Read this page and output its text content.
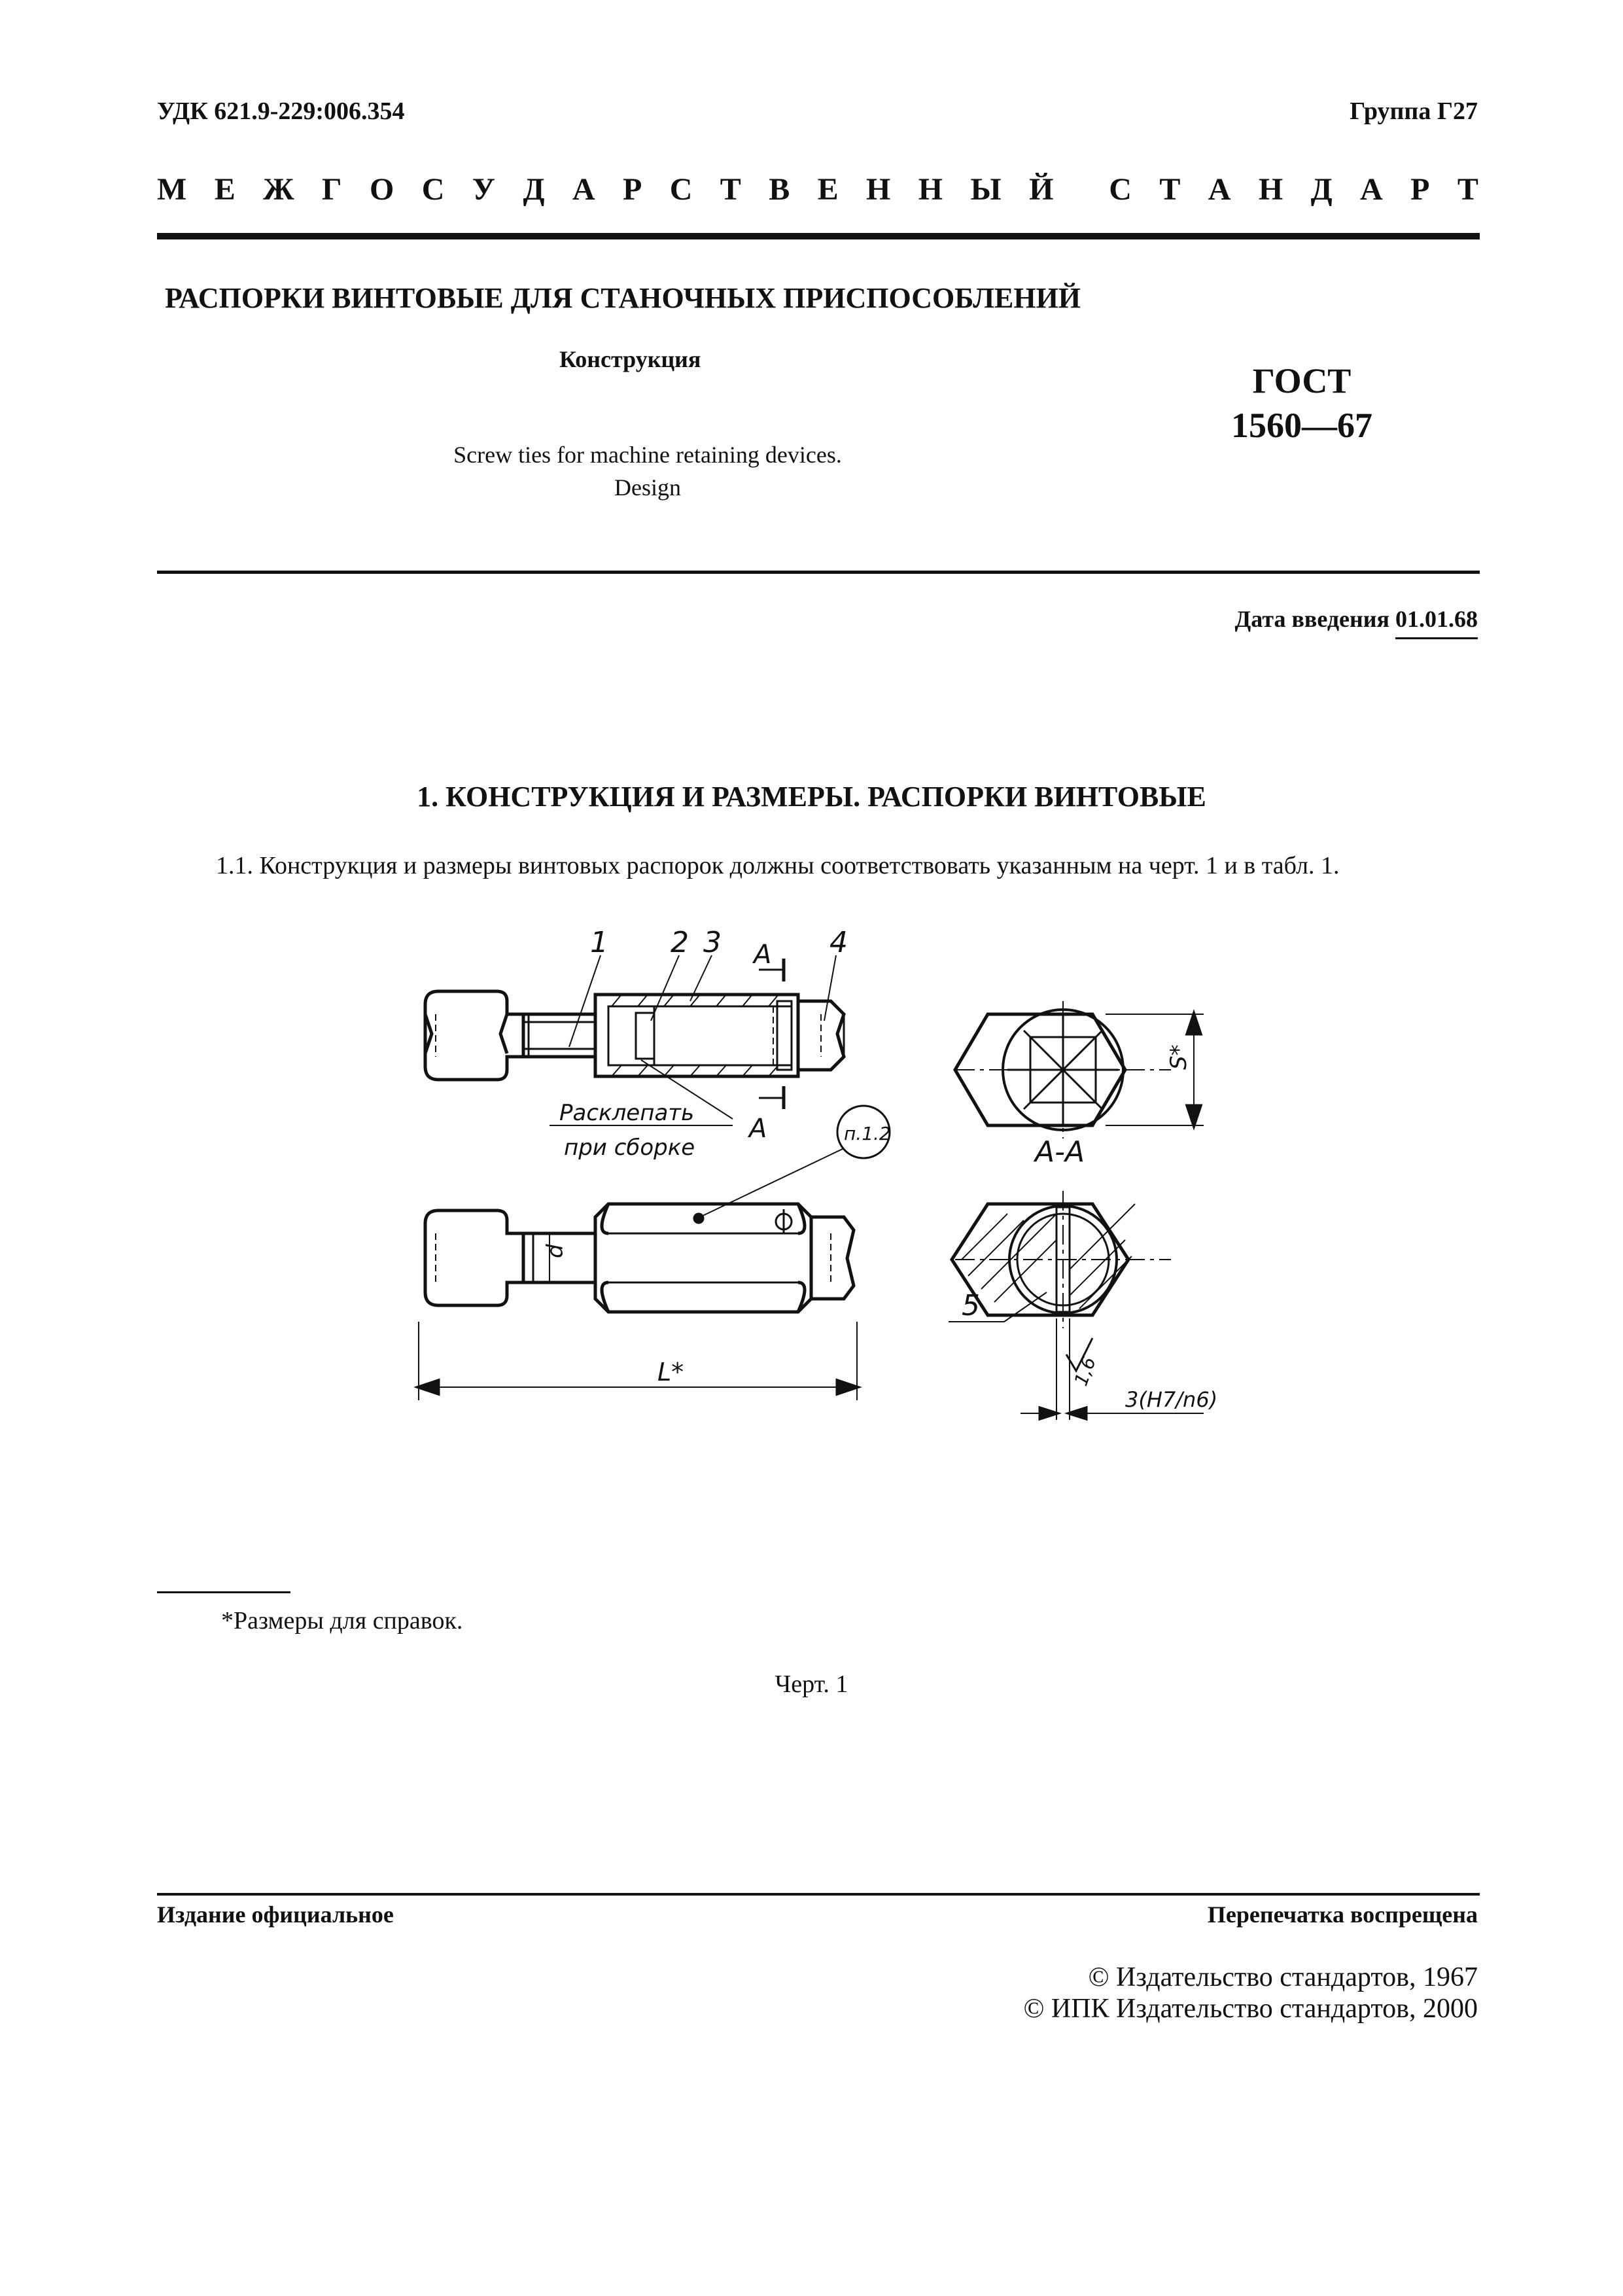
УДК 621.9-229:006.354	Группа Г27
М Е Ж Г О С У Д А Р С Т В Е Н Н Ы Й С Т А Н Д А Р Т
РАСПОРКИ ВИНТОВЫЕ ДЛЯ СТАНОЧНЫХ ПРИСПОСОБЛЕНИЙ
Конструкция
ГОСТ
1560—67
Screw ties for machine retaining devices.
Design
Дата введения 01.01.68
1. КОНСТРУКЦИЯ И РАЗМЕРЫ. РАСПОРКИ ВИНТОВЫЕ
1.1. Конструкция и размеры винтовых распорок должны соответствовать указанным на черт. 1 и в табл. 1.
1 2 3	4
А
А
Расклепать
при сборке
п.1.2
А-А
d
L*
S*
5
3(H7/n6)
1,6
*Размеры для справок.
Черт. 1
Издание официальное	Перепечатка воспрещена
© Издательство стандартов, 1967
© ИПК Издательство стандартов, 2000
